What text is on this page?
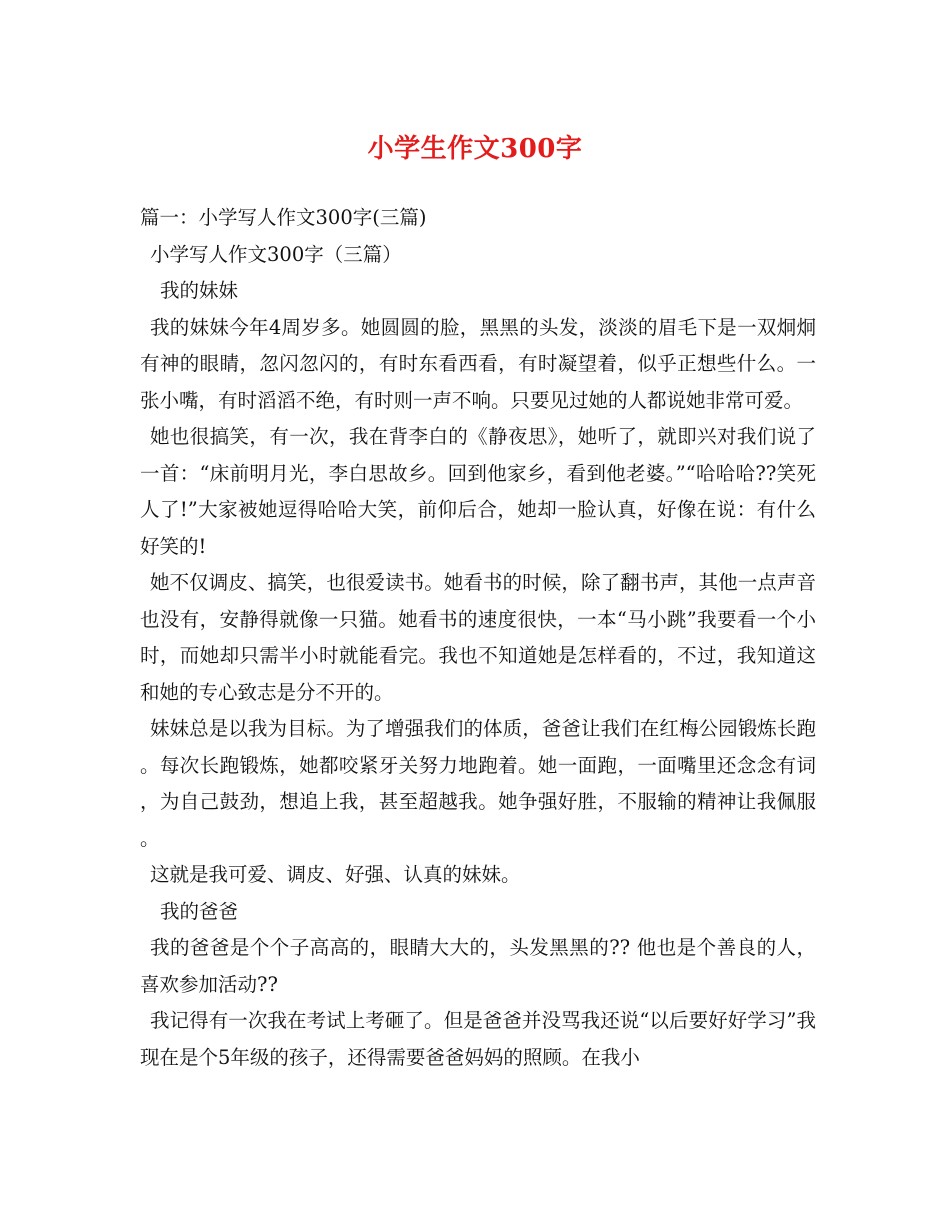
小学生作文300字

篇一：小学写人作文300字(三篇)

小学写人作文300字（三篇）

我的妹妹

我的妹妹今年4周岁多。她圆圆的脸，黑黑的头发，淡淡的眉毛下是一双炯炯有神的眼睛，忽闪忽闪的，有时东看西看，有时凝望着，似乎正想些什么。一张小嘴，有时滔滔不绝，有时则一声不响。只要见过她的人都说她非常可爱。

她也很搞笑，有一次，我在背李白的《静夜思》，她听了，就即兴对我们说了一首：“床前明月光，李白思故乡。回到他家乡，看到他老婆。”“哈哈哈??笑死人了!”大家被她逗得哈哈大笑，前仰后合，她却一脸认真，好像在说：有什么好笑的!

她不仅调皮、搞笑，也很爱读书。她看书的时候，除了翻书声，其他一点声音也没有，安静得就像一只猫。她看书的速度很快，一本“马小跳”我要看一个小时，而她却只需半小时就能看完。我也不知道她是怎样看的，不过，我知道这和她的专心致志是分不开的。

妹妹总是以我为目标。为了增强我们的体质，爸爸让我们在红梅公园锻炼长跑。每次长跑锻炼，她都咬紧牙关努力地跑着。她一面跑，一面嘴里还念念有词，为自己鼓劲，想追上我，甚至超越我。她争强好胜，不服输的精神让我佩服。

这就是我可爱、调皮、好强、认真的妹妹。

我的爸爸

我的爸爸是个个子高高的，眼睛大大的，头发黑黑的?? 他也是个善良的人，喜欢参加活动??

我记得有一次我在考试上考砸了。但是爸爸并没骂我还说“以后要好好学习”我现在是个5年级的孩子，还得需要爸爸妈妈的照顾。在我小
